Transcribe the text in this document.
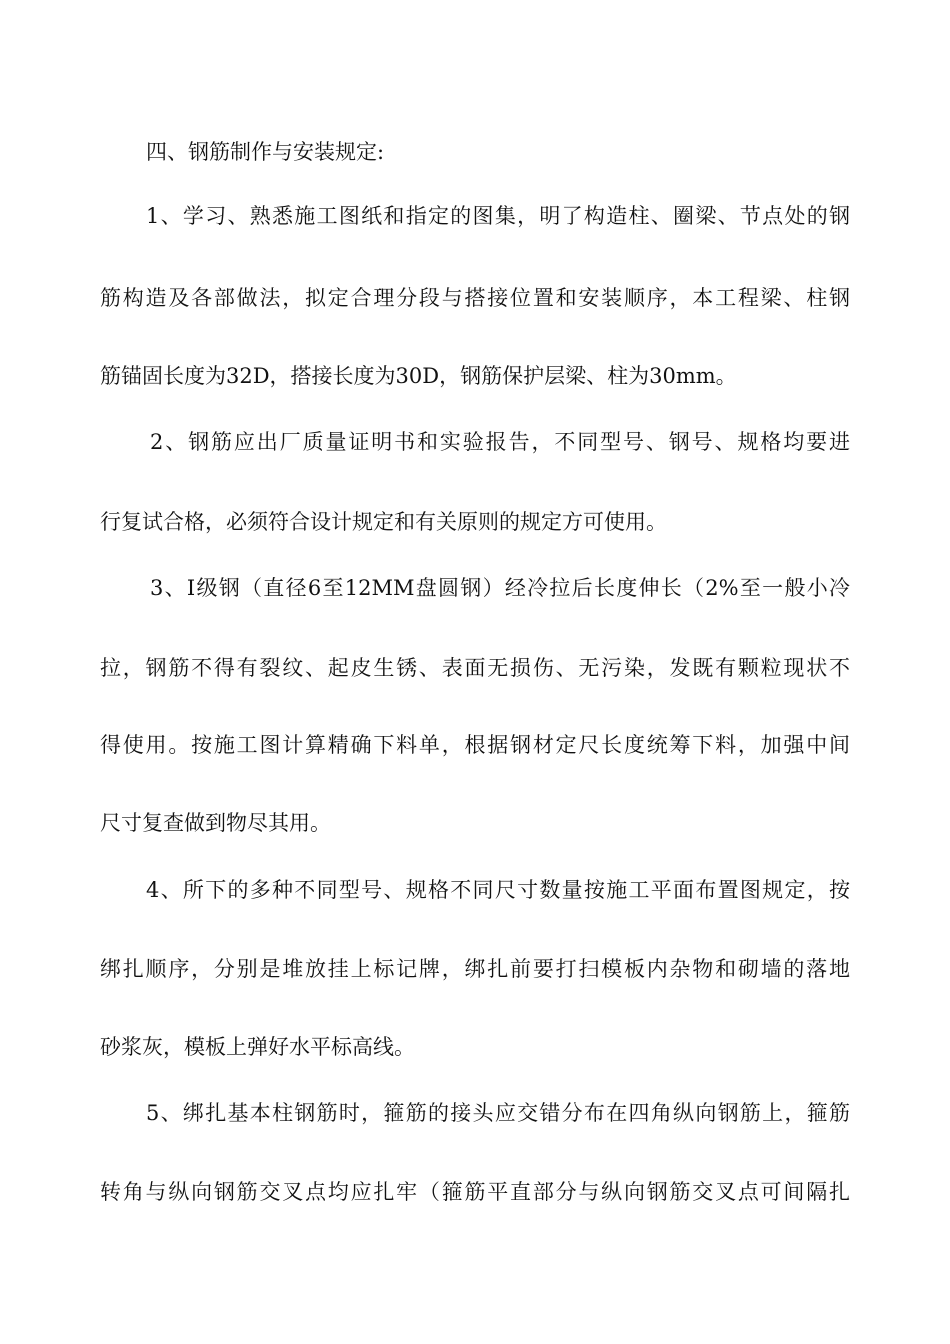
四、钢筋制作与安装规定:
1、学习、熟悉施工图纸和指定的图集，明了构造柱、圈梁、节点处的钢
筋构造及各部做法，拟定合理分段与搭接位置和安装顺序，本工程梁、柱钢
筋锚固长度为32D，搭接长度为30D，钢筋保护层梁、柱为30mm。
2、钢筋应出厂质量证明书和实验报告，不同型号、钢号、规格均要进
行复试合格，必须符合设计规定和有关原则的规定方可使用。
3、I级钢（直径6至12MM盘圆钢）经冷拉后长度伸长（2%至一般小冷
拉，钢筋不得有裂纹、起皮生锈、表面无损伤、无污染，发既有颗粒现状不
得使用。按施工图计算精确下料单，根据钢材定尺长度统筹下料，加强中间
尺寸复查做到物尽其用。
4、所下的多种不同型号、规格不同尺寸数量按施工平面布置图规定，按
绑扎顺序，分别是堆放挂上标记牌，绑扎前要打扫模板内杂物和砌墙的落地
砂浆灰，模板上弹好水平标高线。
5、绑扎基本柱钢筋时，箍筋的接头应交错分布在四角纵向钢筋上，箍筋
转角与纵向钢筋交叉点均应扎牢（箍筋平直部分与纵向钢筋交叉点可间隔扎
